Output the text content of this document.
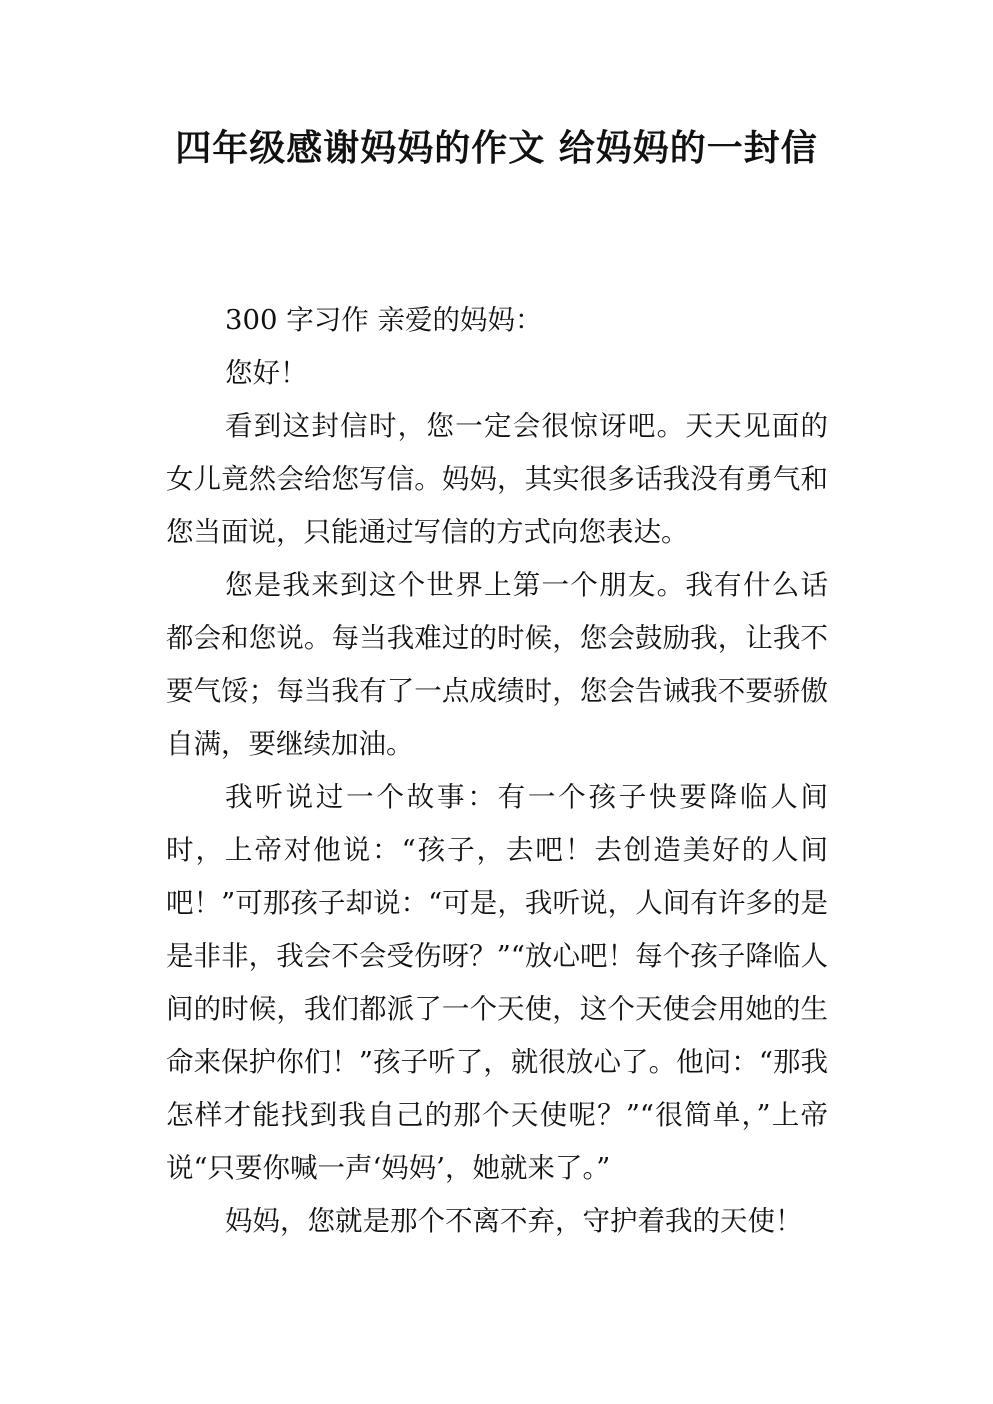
四年级感谢妈妈的作文 给妈妈的一封信

300 字习作 亲爱的妈妈：

您好！

看到这封信时，您一定会很惊讶吧。天天见面的女儿竟然会给您写信。妈妈，其实很多话我没有勇气和您当面说，只能通过写信的方式向您表达。

您是我来到这个世界上第一个朋友。我有什么话都会和您说。每当我难过的时候，您会鼓励我，让我不要气馁；每当我有了一点成绩时，您会告诫我不要骄傲自满，要继续加油。

我听说过一个故事：有一个孩子快要降临人间时，上帝对他说：“孩子，去吧！去创造美好的人间吧！”可那孩子却说：“可是，我听说，人间有许多的是是非非，我会不会受伤呀？”“放心吧！每个孩子降临人间的时候，我们都派了一个天使，这个天使会用她的生命来保护你们！”孩子听了，就很放心了。他问：“那我怎样才能找到我自己的那个天使呢？”“很简单，”上帝说“只要你喊一声‘妈妈’，她就来了。”

妈妈，您就是那个不离不弃，守护着我的天使！
